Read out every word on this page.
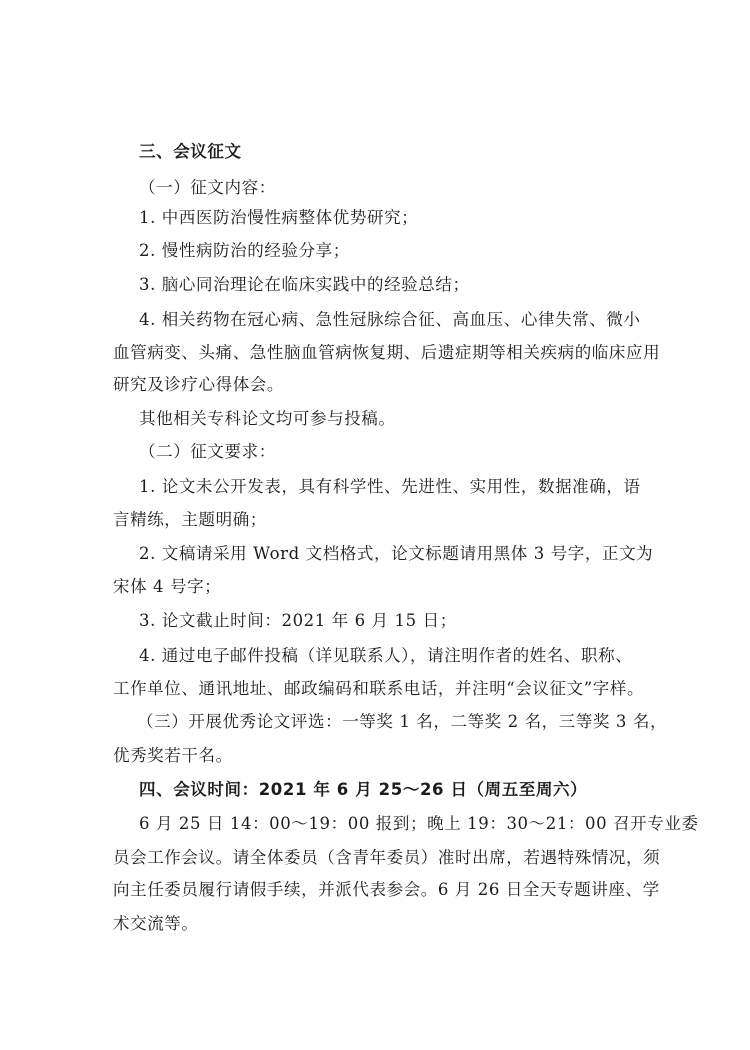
三、会议征文
（一）征文内容：
1. 中西医防治慢性病整体优势研究；
2. 慢性病防治的经验分享；
3. 脑心同治理论在临床实践中的经验总结；
4. 相关药物在冠心病、急性冠脉综合征、高血压、心律失常、微小
血管病变、头痛、急性脑血管病恢复期、后遗症期等相关疾病的临床应用
研究及诊疗心得体会。
其他相关专科论文均可参与投稿。
（二）征文要求：
1. 论文未公开发表，具有科学性、先进性、实用性，数据准确，语
言精练，主题明确；
2. 文稿请采用 Word 文档格式，论文标题请用黑体 3 号字，正文为
宋体 4 号字；
3. 论文截止时间：2021 年 6 月 15 日；
4. 通过电子邮件投稿（详见联系人），请注明作者的姓名、职称、
工作单位、通讯地址、邮政编码和联系电话，并注明“会议征文”字样。
（三）开展优秀论文评选：一等奖 1 名，二等奖 2 名，三等奖 3 名，
优秀奖若干名。
四、会议时间：2021 年 6 月 25～26 日（周五至周六）
6 月 25 日 14：00～19：00 报到；晚上 19：30～21：00 召开专业委
员会工作会议。请全体委员（含青年委员）准时出席，若遇特殊情况，须
向主任委员履行请假手续，并派代表参会。6 月 26 日全天专题讲座、学
术交流等。
